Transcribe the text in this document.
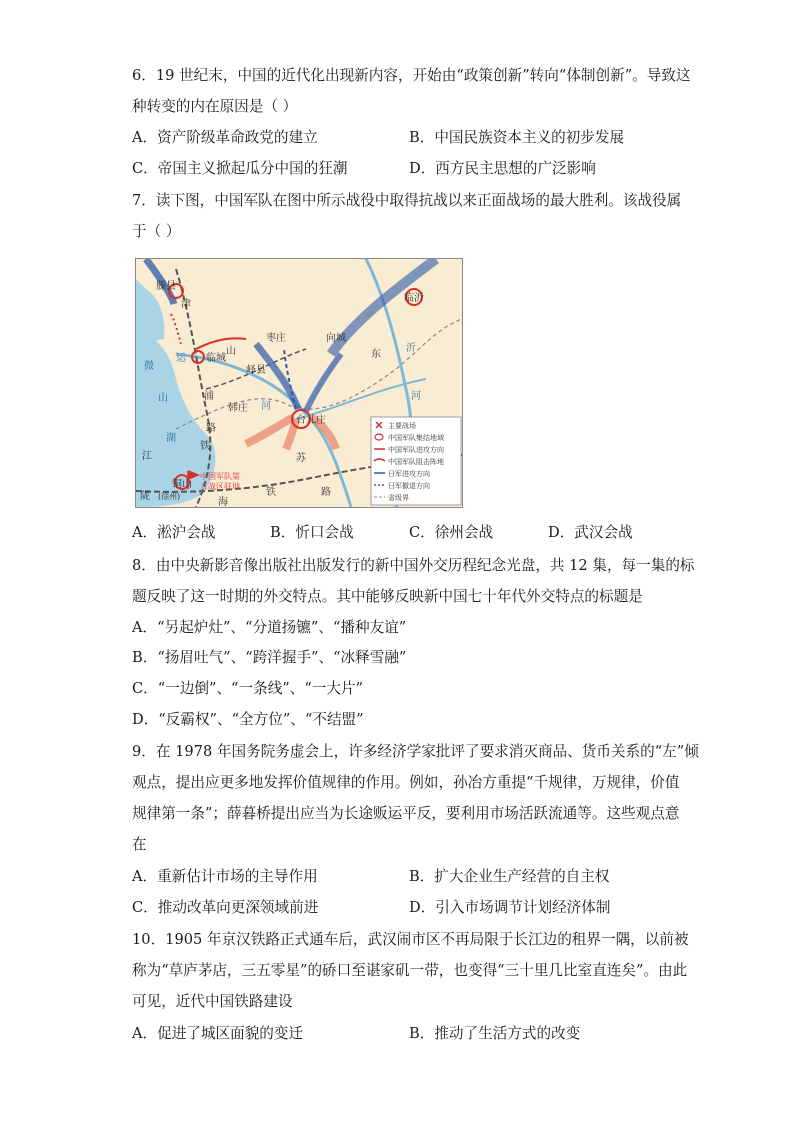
6．19 世纪末，中国的近代化出现新内容，开始由“政策创新”转向“体制创新”。导致这
种转变的内在原因是（ ）
A．资产阶级革命政党的建立	B．中国民族资本主义的初步发展
C．帝国主义掀起瓜分中国的狂潮	D．西方民主思想的广泛影响
7．读下图，中国军队在图中所示战役中取得抗战以来正面战场的最大胜利。该战役属
于（ ）
滕县
临沂
枣庄	向城
临城
峄县
韩庄
台儿庄
铜山
(徐州)
运
山	东
沂
津
浦
河
河
微
山
湖
江	苏
路
铁
海
陇	路
铁
中国军队第
五战区驻地
主要战场
中国军队集结地域
中国军队进攻方向
中国军队阻击阵地
日军进攻方向
日军撤退方向
省级界
A．淞沪会战	B．忻口会战	C．徐州会战	D．武汉会战
8．由中央新影音像出版社出版发行的新中国外交历程纪念光盘，共 12 集，每一集的标
题反映了这一时期的外交特点。其中能够反映新中国七十年代外交特点的标题是
A．“另起炉灶”、“分道扬镳”、“播种友谊”
B．“扬眉吐气”、“跨洋握手”、“冰释雪融”
C．“一边倒”、“一条线”、“一大片”
D．“反霸权”、“全方位”、“不结盟”
9．在 1978 年国务院务虚会上，许多经济学家批评了要求消灭商品、货币关系的“左”倾
观点，提出应更多地发挥价值规律的作用。例如，孙冶方重提“千规律，万规律，价值
规律第一条”；薛暮桥提出应当为长途贩运平反，要利用市场活跃流通等。这些观点意
在
A．重新估计市场的主导作用	B．扩大企业生产经营的自主权
C．推动改革向更深领域前进	D．引入市场调节计划经济体制
10．1905 年京汉铁路正式通车后，武汉闹市区不再局限于长江边的租界一隅，以前被
称为“草庐茅店，三五零星”的硚口至谌家矶一带，也变得“三十里几比室直连矣”。由此
可见，近代中国铁路建设
A．促进了城区面貌的变迁	B．推动了生活方式的改变
